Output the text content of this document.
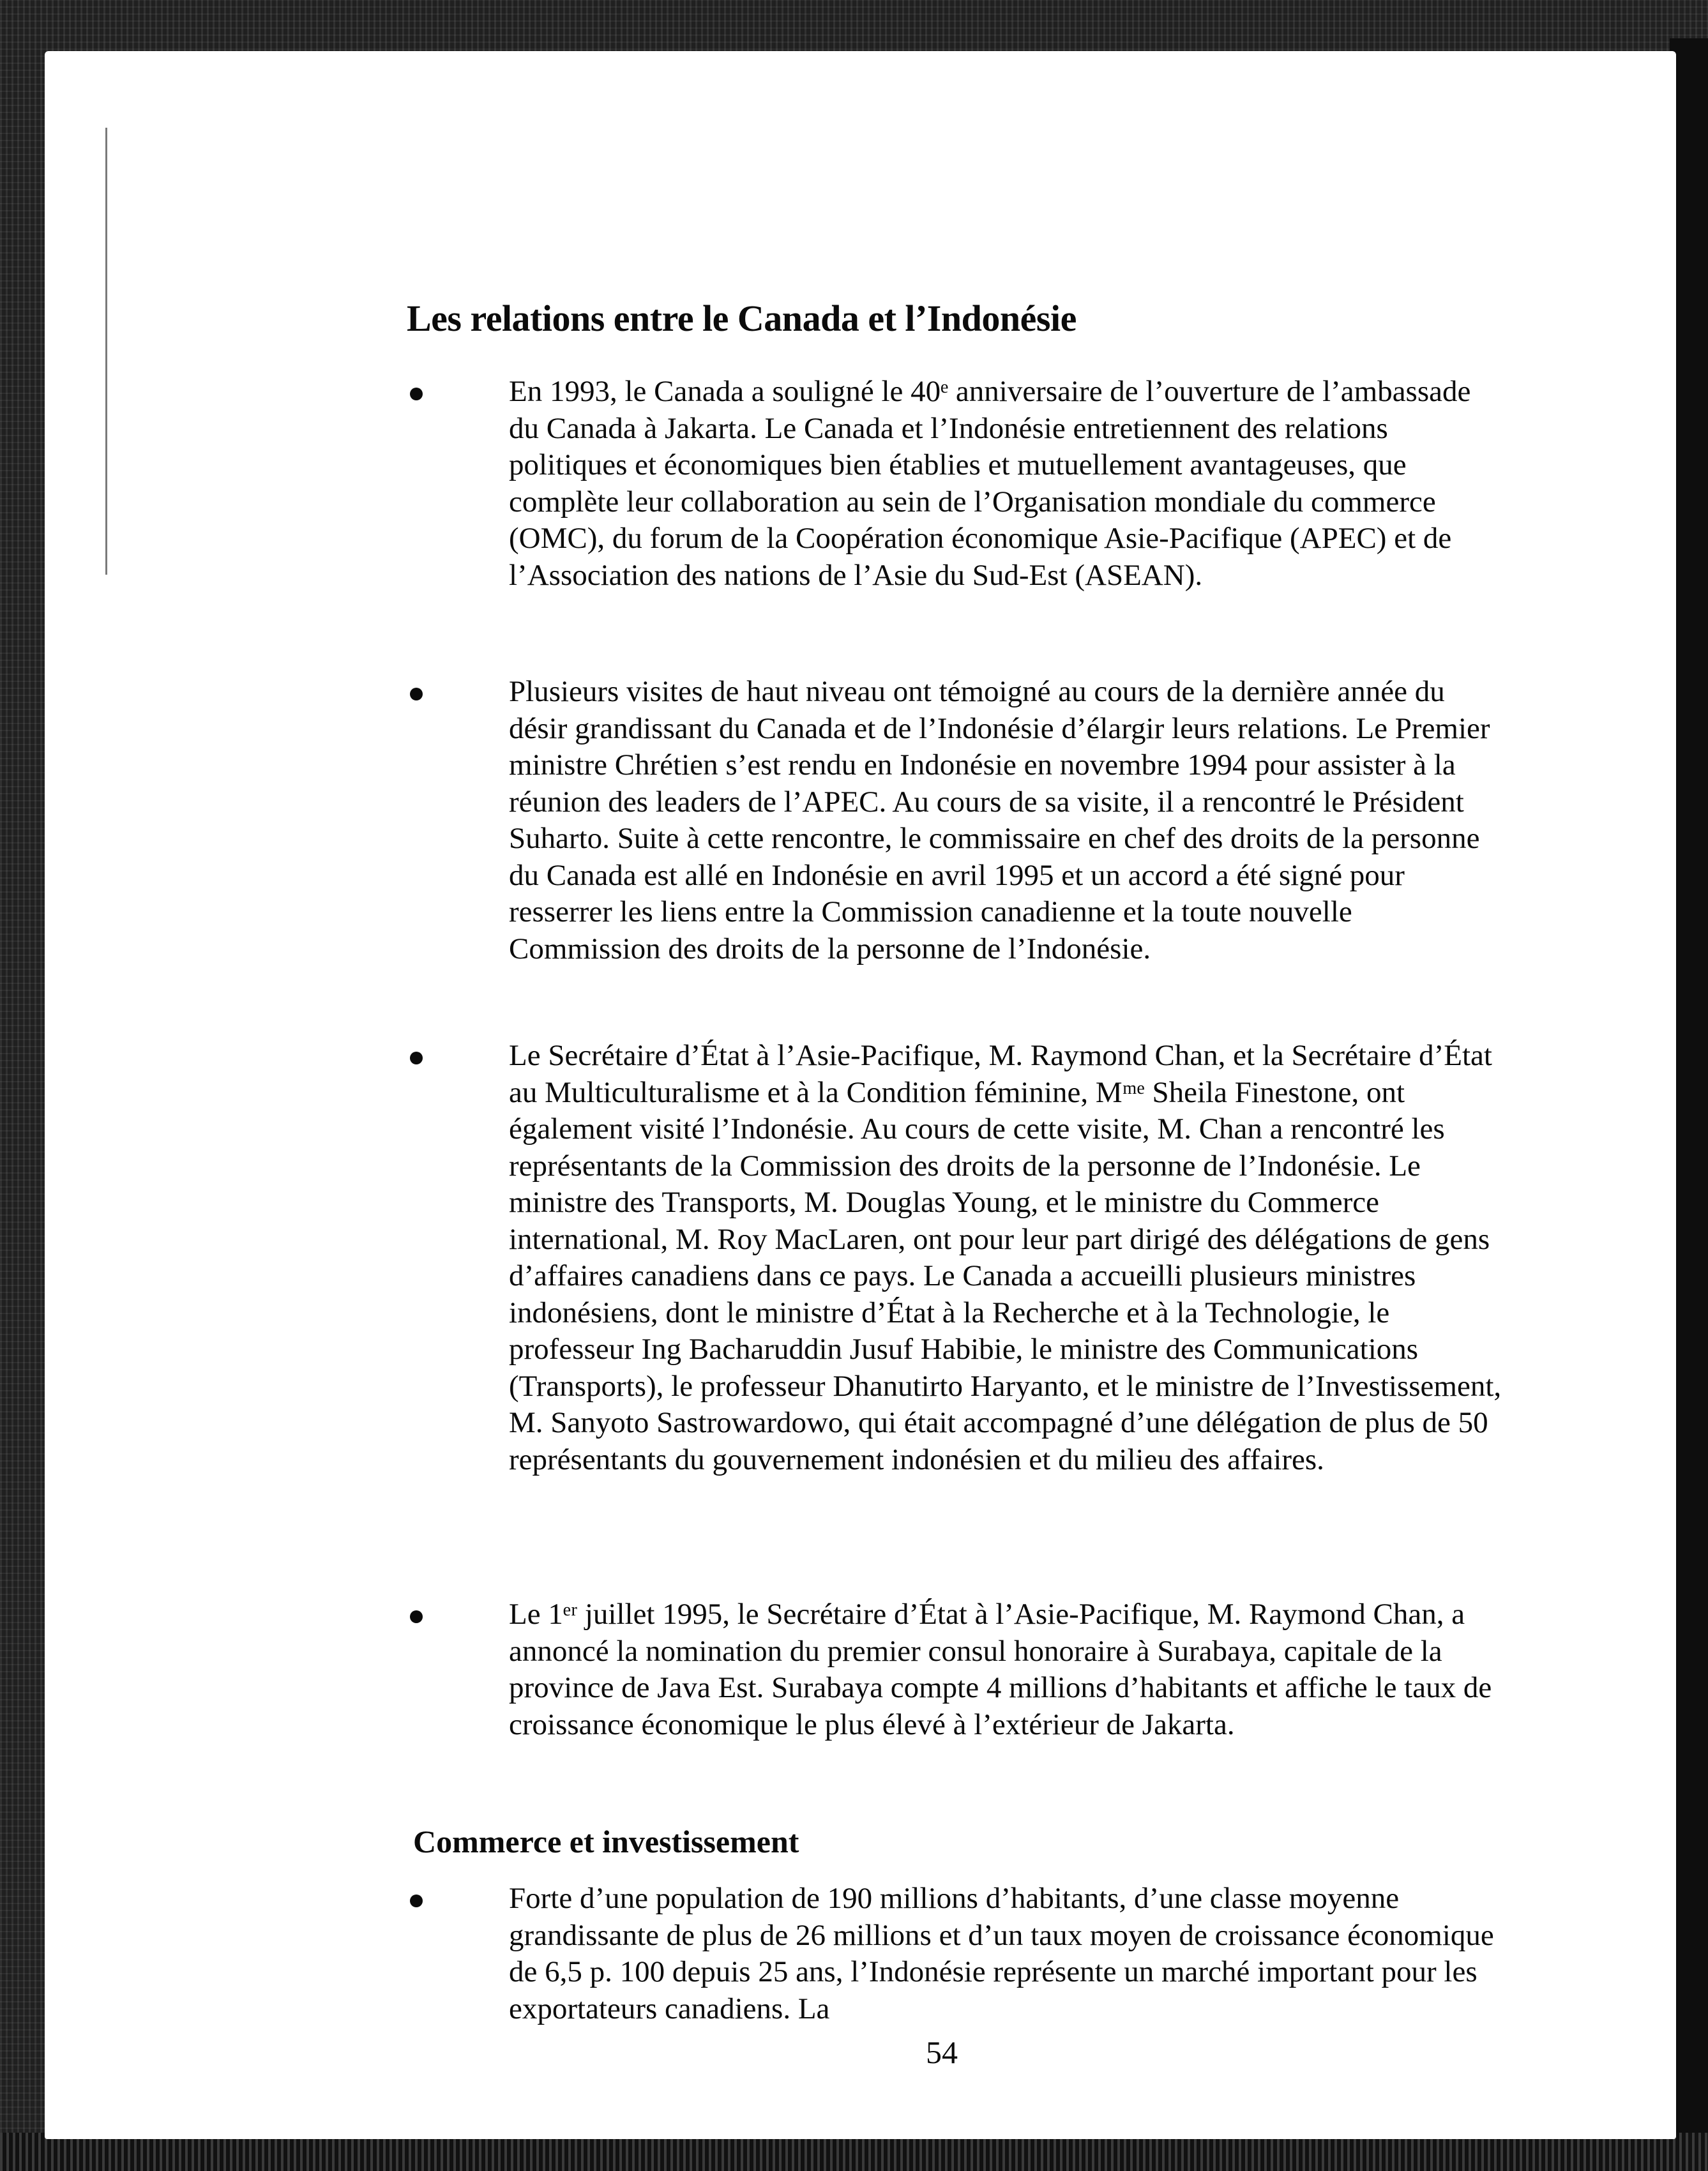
Les relations entre le Canada et l’Indonésie

En 1993, le Canada a souligné le 40ᵉ anniversaire de l’ouverture de l’ambassade du Canada à Jakarta. Le Canada et l’Indonésie entretiennent des relations politiques et économiques bien établies et mutuellement avantageuses, que complète leur collaboration au sein de l’Organisation mondiale du commerce (OMC), du forum de la Coopération économique Asie-Pacifique (APEC) et de l’Association des nations de l’Asie du Sud-Est (ASEAN).

Plusieurs visites de haut niveau ont témoigné au cours de la dernière année du désir grandissant du Canada et de l’Indonésie d’élargir leurs relations. Le Premier ministre Chrétien s’est rendu en Indonésie en novembre 1994 pour assister à la réunion des leaders de l’APEC. Au cours de sa visite, il a rencontré le Président Suharto. Suite à cette rencontre, le commissaire en chef des droits de la personne du Canada est allé en Indonésie en avril 1995 et un accord a été signé pour resserrer les liens entre la Commission canadienne et la toute nouvelle Commission des droits de la personne de l’Indonésie.

Le Secrétaire d’État à l’Asie-Pacifique, M. Raymond Chan, et la Secrétaire d’État au Multiculturalisme et à la Condition féminine, Mᵐᵉ Sheila Finestone, ont également visité l’Indonésie. Au cours de cette visite, M. Chan a rencontré les représentants de la Commission des droits de la personne de l’Indonésie. Le ministre des Transports, M. Douglas Young, et le ministre du Commerce international, M. Roy MacLaren, ont pour leur part dirigé des délégations de gens d’affaires canadiens dans ce pays. Le Canada a accueilli plusieurs ministres indonésiens, dont le ministre d’État à la Recherche et à la Technologie, le professeur Ing Bacharuddin Jusuf Habibie, le ministre des Communications (Transports), le professeur Dhanutirto Haryanto, et le ministre de l’Investissement, M. Sanyoto Sastrowardowo, qui était accompagné d’une délégation de plus de 50 représentants du gouvernement indonésien et du milieu des affaires.

Le 1ᵉʳ juillet 1995, le Secrétaire d’État à l’Asie-Pacifique, M. Raymond Chan, a annoncé la nomination du premier consul honoraire à Surabaya, capitale de la province de Java Est. Surabaya compte 4 millions d’habitants et affiche le taux de croissance économique le plus élevé à l’extérieur de Jakarta.

Commerce et investissement

Forte d’une population de 190 millions d’habitants, d’une classe moyenne grandissante de plus de 26 millions et d’un taux moyen de croissance économique de 6,5 p. 100 depuis 25 ans, l’Indonésie représente un marché important pour les exportateurs canadiens. La

54
